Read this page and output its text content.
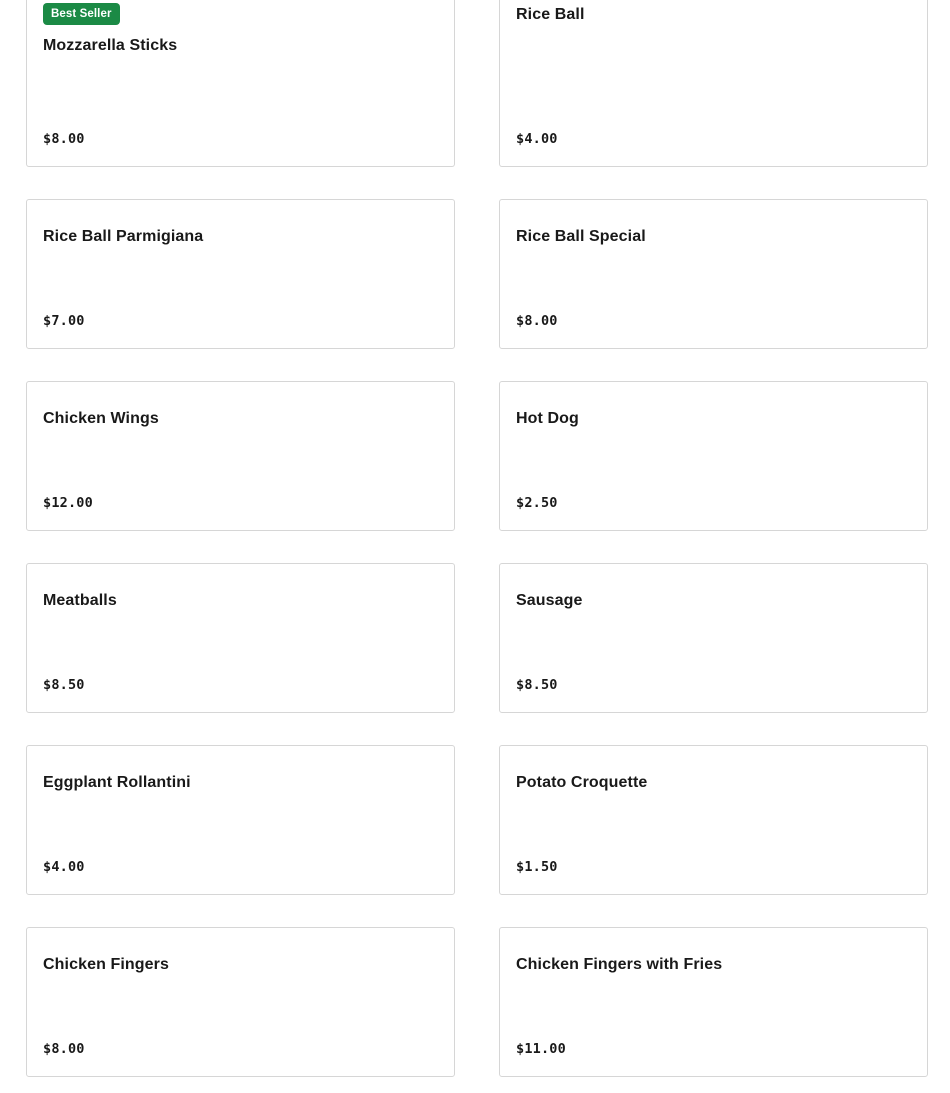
Best Seller
Mozzarella Sticks
$8.00
Rice Ball
$4.00
Rice Ball Parmigiana
$7.00
Rice Ball Special
$8.00
Chicken Wings
$12.00
Hot Dog
$2.50
Meatballs
$8.50
Sausage
$8.50
Eggplant Rollantini
$4.00
Potato Croquette
$1.50
Chicken Fingers
$8.00
Chicken Fingers with Fries
$11.00
